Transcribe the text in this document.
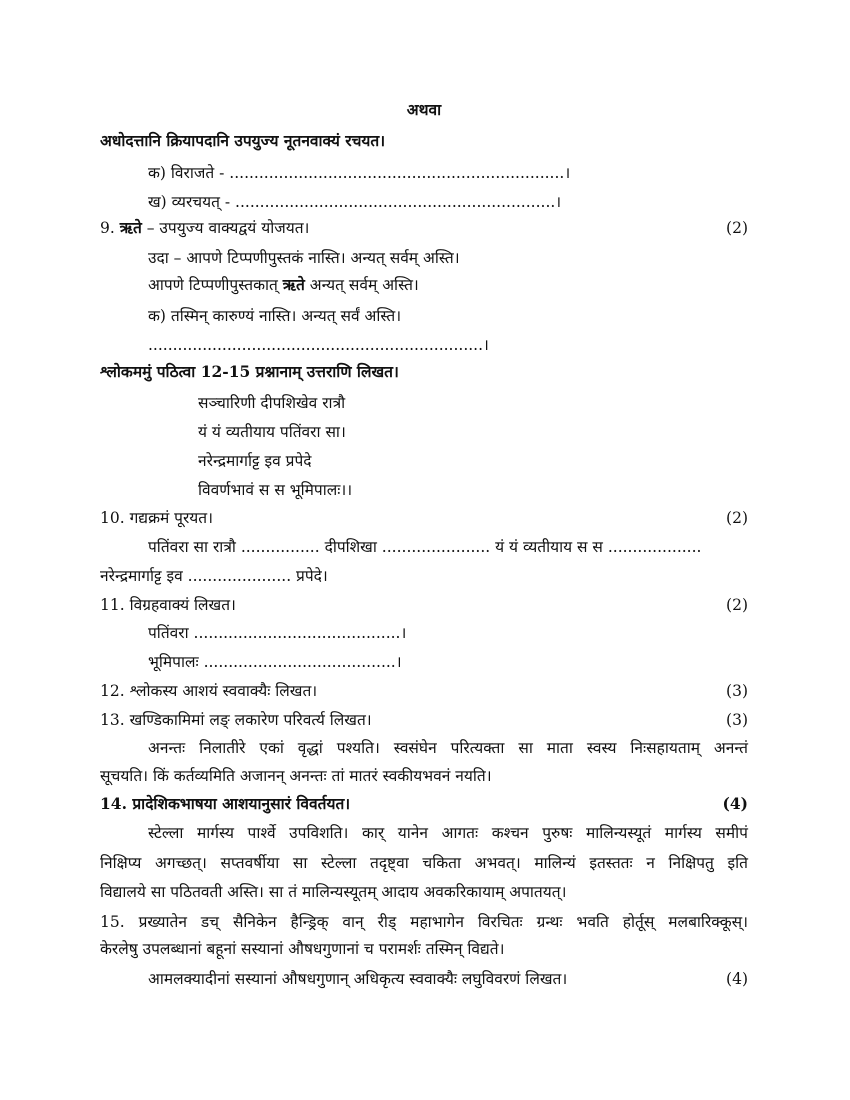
अथवा
अधोदत्तानि क्रियापदानि उपयुज्य नूतनवाक्यं रचयत।
क) विराजते - ....................................................................।
ख) व्यरचयत् - .................................................................।
9. ऋते – उपयुज्य वाक्यद्वयं योजयत।	(2)
उदा – आपणे टिप्पणीपुस्तकं नास्ति। अन्यत् सर्वम् अस्ति।
आपणे टिप्पणीपुस्तकात् ऋते अन्यत् सर्वम् अस्ति।
क) तस्मिन् कारुण्यं नास्ति। अन्यत् सर्वं अस्ति।
....................................................................।
श्लोकममुं पठित्वा 12-15 प्रश्नानाम् उत्तराणि लिखत।
सञ्चारिणी दीपशिखेव रात्रौ
यं यं व्यतीयाय पतिंवरा सा।
नरेन्द्रमार्गाट्ट इव प्रपेदे
विवर्णभावं स स भूमिपालः।।
10. गद्यक्रमं पूरयत।	(2)
पतिंवरा सा रात्रौ ................ दीपशिखा ...................... यं यं व्यतीयाय स स ...................
नरेन्द्रमार्गाट्ट इव ..................... प्रपेदे।
11. विग्रहवाक्यं लिखत।	(2)
पतिंवरा ..........................................।
भूमिपालः .......................................।
12. श्लोकस्य आशयं स्ववाक्यैः लिखत।	(3)
13. खण्डिकामिमां लङ् लकारेण परिवर्त्य लिखत।	(3)
अनन्तः निलातीरे एकां वृद्धां पश्यति। स्वसंघेन परित्यक्ता सा माता स्वस्य निःसहायताम् अनन्तं
सूचयति। किं कर्तव्यमिति अजानन् अनन्तः तां मातरं स्वकीयभवनं नयति।
14. प्रादेशिकभाषया आशयानुसारं विवर्तयत।	(4)
स्टेल्ला मार्गस्य पार्श्वे उपविशति। कार् यानेन आगतः कश्चन पुरुषः मालिन्यस्यूतं मार्गस्य समीपं
निक्षिप्य अगच्छत्। सप्तवर्षीया सा स्टेल्ला तदृष्ट्वा चकिता अभवत्। मालिन्यं इतस्ततः न निक्षिपतु इति
विद्यालये सा पठितवती अस्ति। सा तं मालिन्यस्यूतम् आदाय अवकरिकायाम् अपातयत्।
15. प्रख्यातेन डच् सैनिकेन हैन्ड्रिक् वान् रीड् महाभागेन विरचितः ग्रन्थः भवति होर्तूस् मलबारिक्कूस्।
केरलेषु उपलब्धानां बहूनां सस्यानां औषधगुणानां च परामर्शः तस्मिन् विद्यते।
आमलक्यादीनां सस्यानां औषधगुणान् अधिकृत्य स्ववाक्यैः लघुविवरणं लिखत।	(4)
